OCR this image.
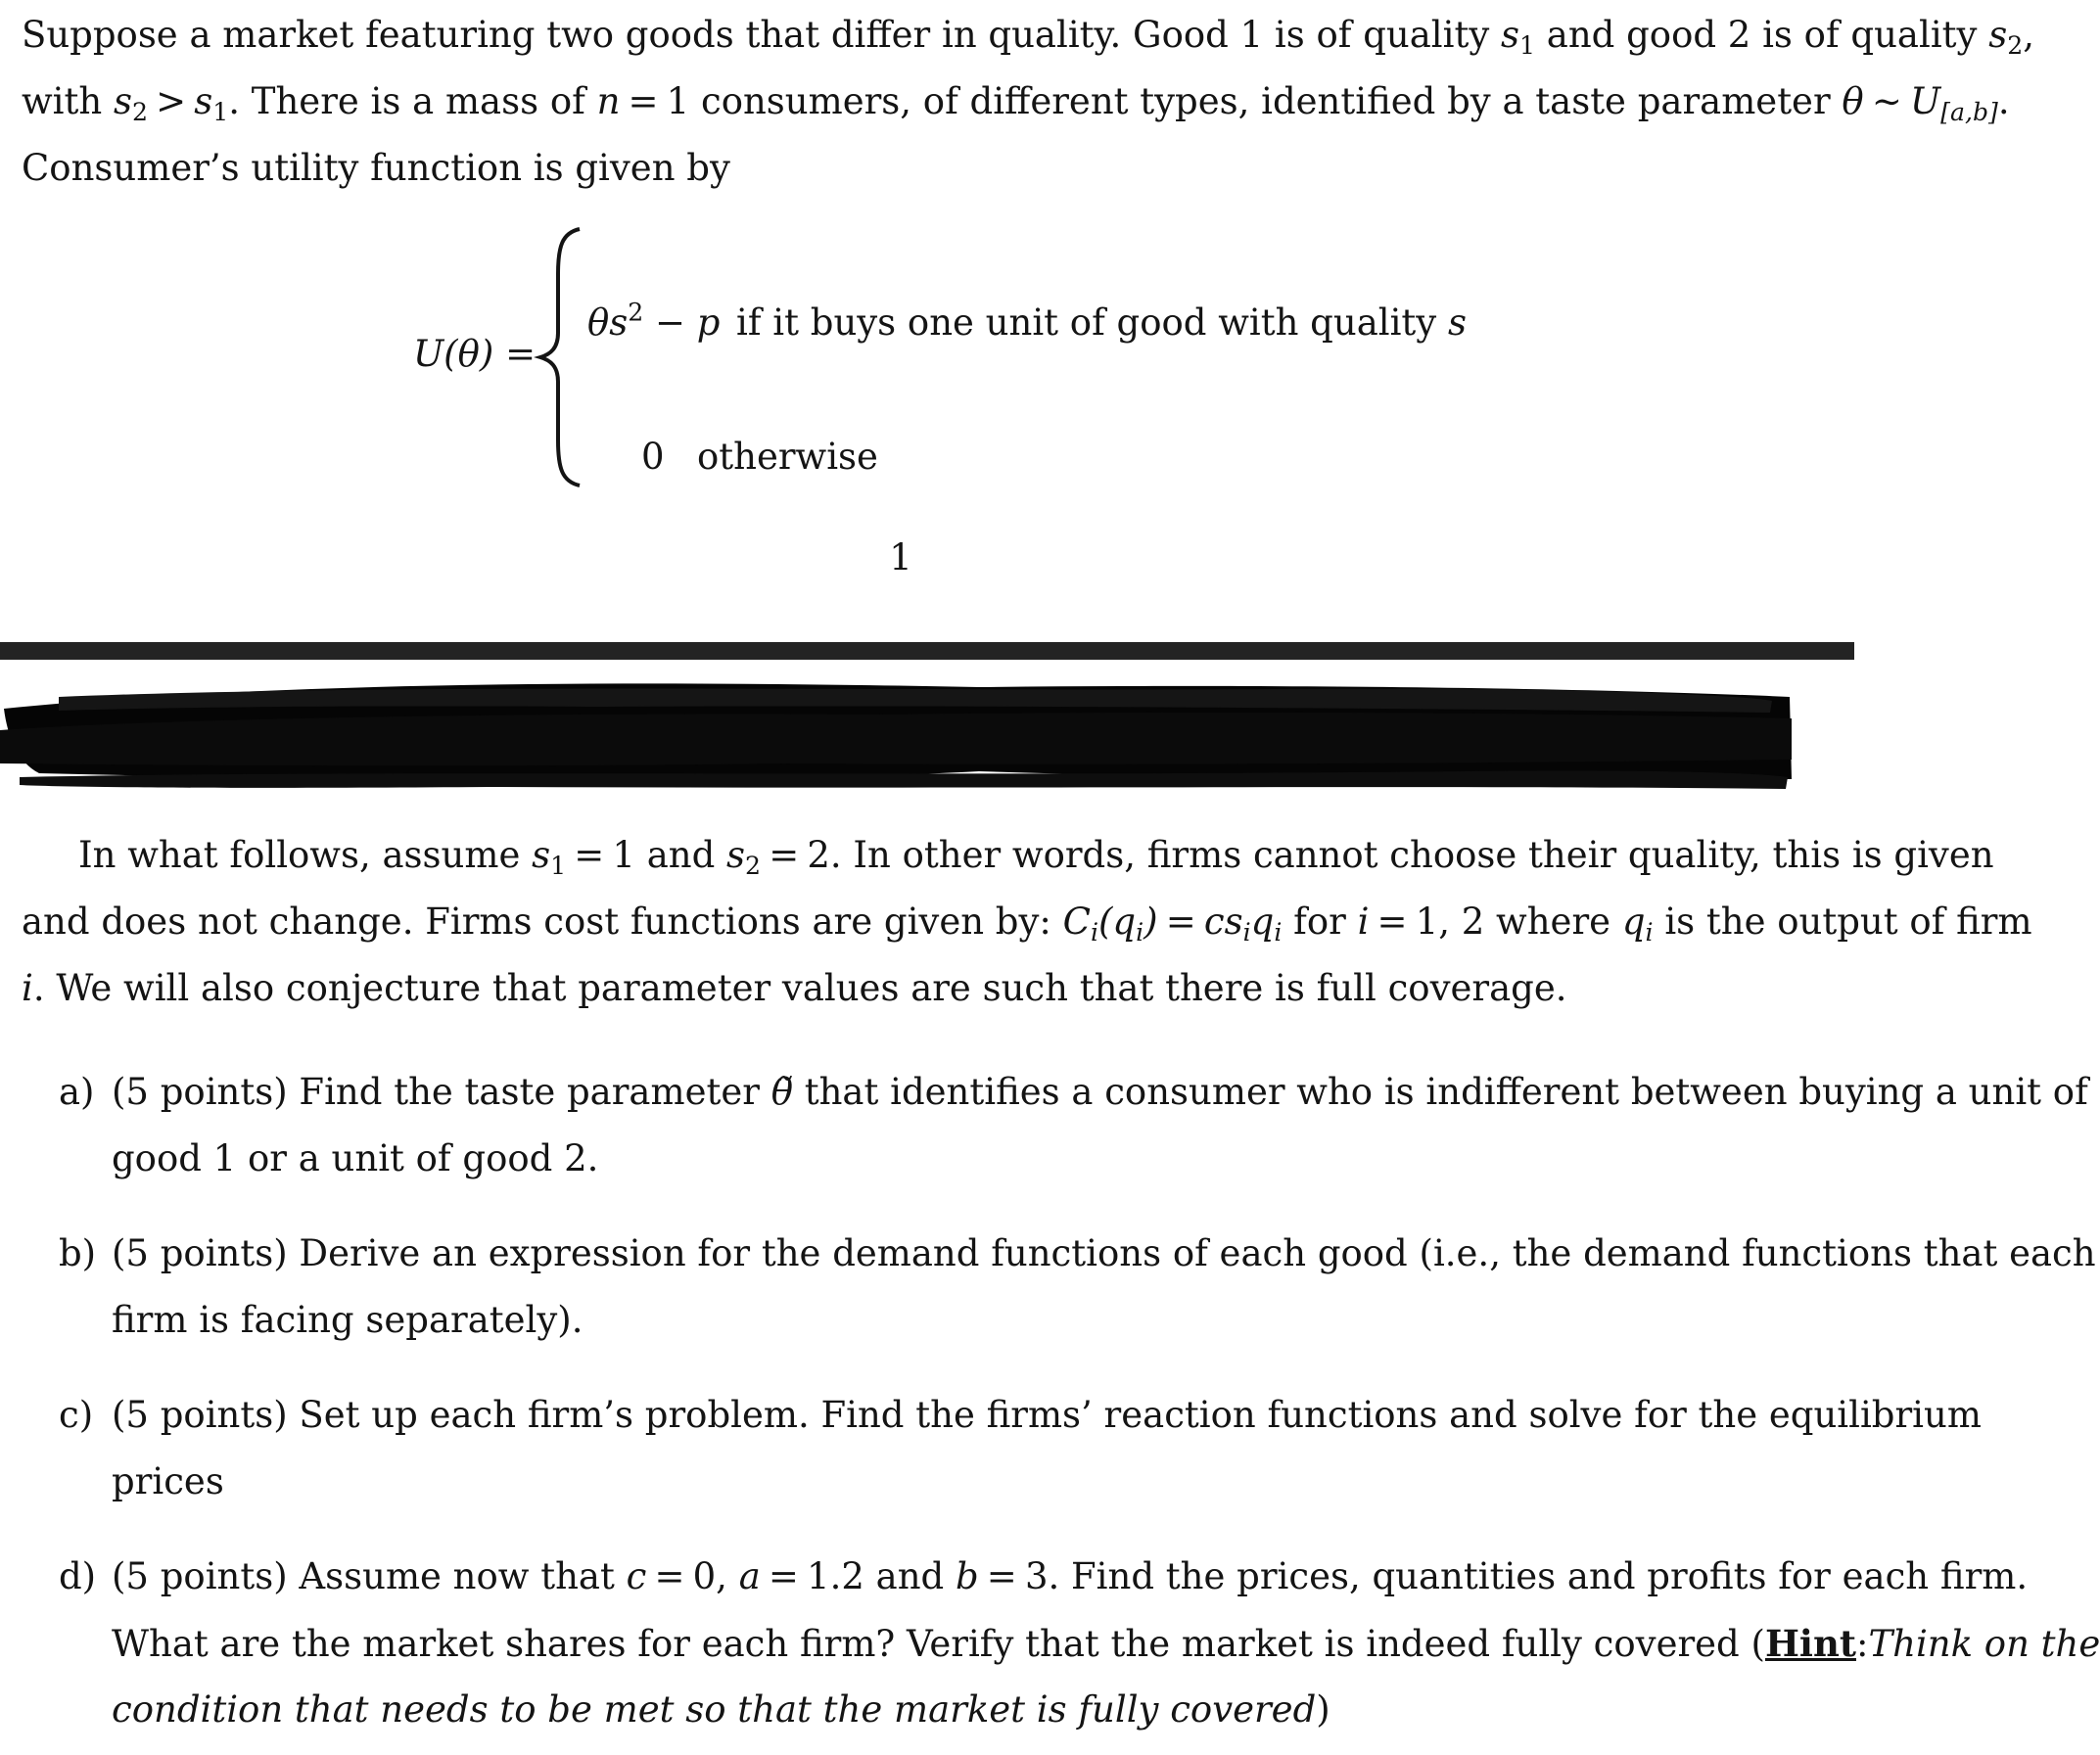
Suppose a market featuring two goods that differ in quality. Good 1 is of quality $s_1$ and good 2 is of quality $s_2$,
with $s_2 > s_1$. There is a mass of n = 1 consumers, of different types, identified by a taste parameter θ ∼ $U_{[a,b]}$.
Consumer’s utility function is given by
U(θ) =
$\theta s^2 - p$ if it buys one unit of good with quality s
0 otherwise
1
In what follows, assume $s_1 = 1$ and $s_2 = 2$. In other words, firms cannot choose their quality, this is given
and does not change. Firms cost functions are given by: $C_i(q_i) = cs_iq_i$ for i = 1, 2 where $q_i$ is the output of firm
i. We will also conjecture that parameter values are such that there is full coverage.
a) (5 points) Find the taste parameter θ̃ that identifies a consumer who is indifferent between buying a unit of
good 1 or a unit of good 2.
b) (5 points) Derive an expression for the demand functions of each good (i.e., the demand functions that each
firm is facing separately).
c) (5 points) Set up each firm’s problem. Find the firms’ reaction functions and solve for the equilibrium
prices
d) (5 points) Assume now that c = 0, a = 1.2 and b = 3. Find the prices, quantities and profits for each firm.
What are the market shares for each firm? Verify that the market is indeed fully covered (Hint:Think on the
condition that needs to be met so that the market is fully covered)
